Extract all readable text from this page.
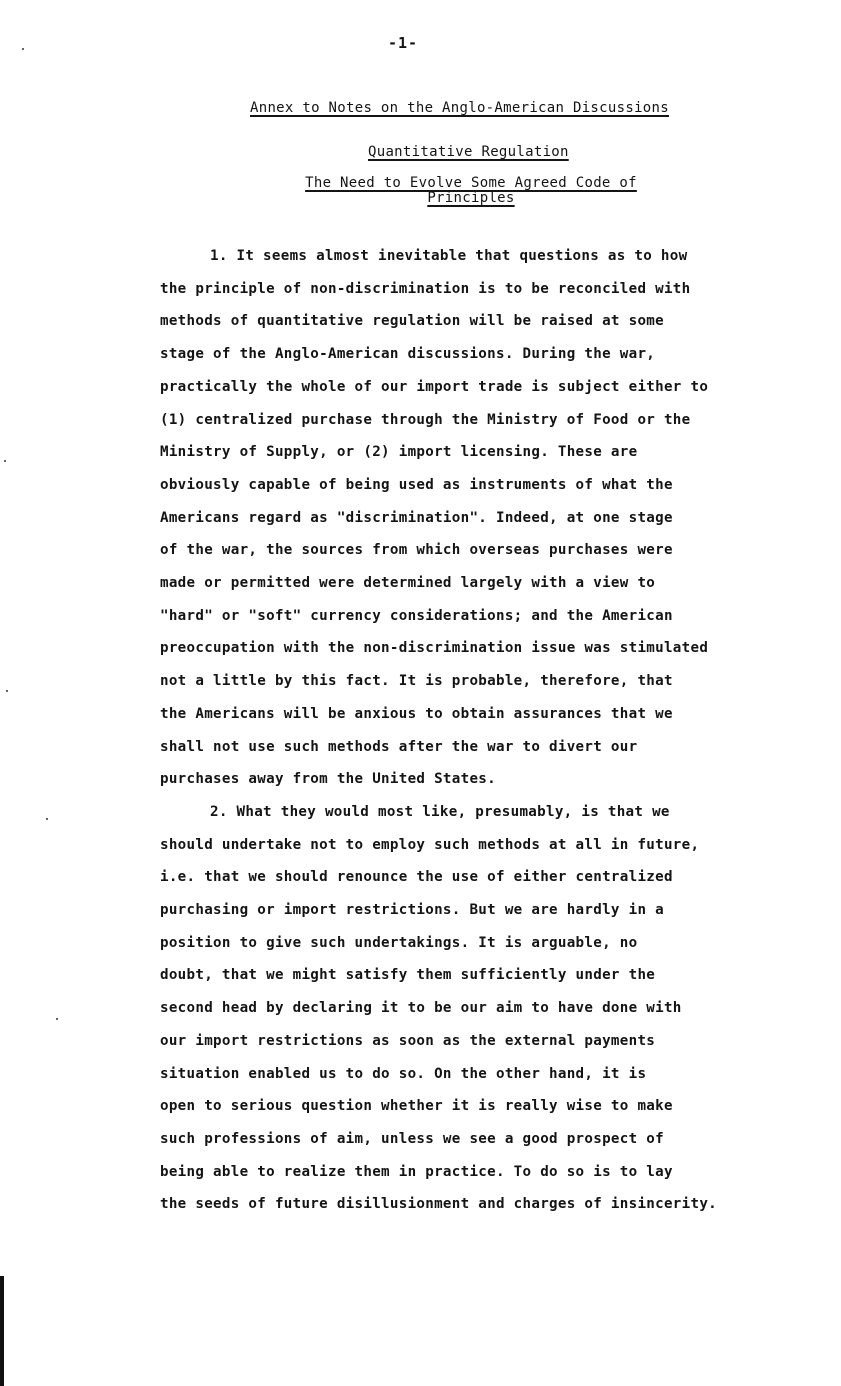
-1-
Annex to Notes on the Anglo-American Discussions
Quantitative Regulation
The Need to Evolve Some Agreed Code of Principles
1. It seems almost inevitable that questions as to how
the principle of non-discrimination is to be reconciled with
methods of quantitative regulation will be raised at some
stage of the Anglo-American discussions. During the war,
practically the whole of our import trade is subject either to
(1) centralized purchase through the Ministry of Food or the
Ministry of Supply, or (2) import licensing. These are
obviously capable of being used as instruments of what the
Americans regard as "discrimination". Indeed, at one stage
of the war, the sources from which overseas purchases were
made or permitted were determined largely with a view to
"hard" or "soft" currency considerations; and the American
preoccupation with the non-discrimination issue was stimulated
not a little by this fact. It is probable, therefore, that
the Americans will be anxious to obtain assurances that we
shall not use such methods after the war to divert our
purchases away from the United States.
2. What they would most like, presumably, is that we
should undertake not to employ such methods at all in future,
i.e. that we should renounce the use of either centralized
purchasing or import restrictions. But we are hardly in a
position to give such undertakings. It is arguable, no
doubt, that we might satisfy them sufficiently under the
second head by declaring it to be our aim to have done with
our import restrictions as soon as the external payments
situation enabled us to do so. On the other hand, it is
open to serious question whether it is really wise to make
such professions of aim, unless we see a good prospect of
being able to realize them in practice. To do so is to lay
the seeds of future disillusionment and charges of insincerity.
